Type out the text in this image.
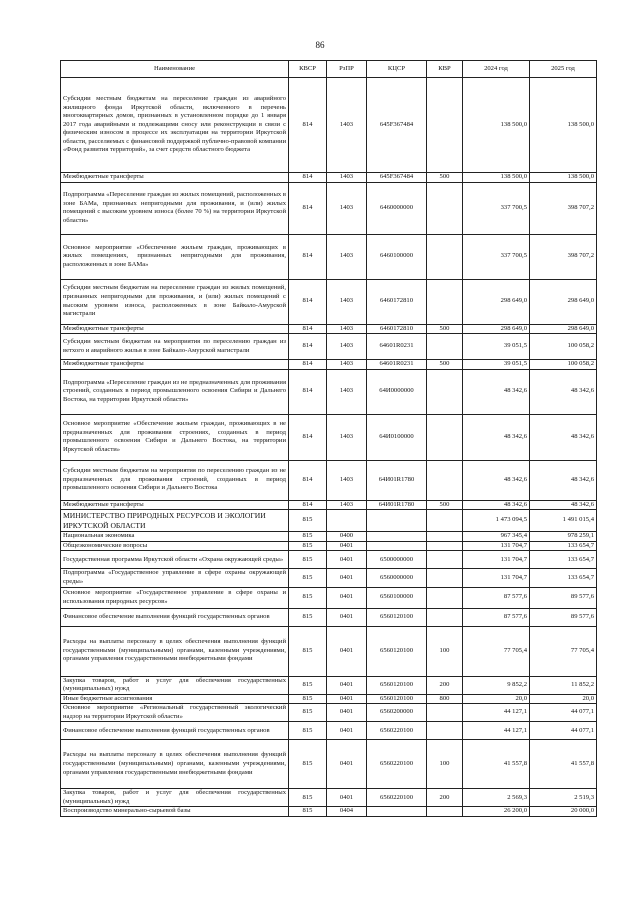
86
Наименование	КВСР	РзПР	КЦСР	КВР	2024 год	2025 год
Субсидии местным бюджетам на переселение граждан из аварийного жилищного фонда Иркутской области, включенного в перечень многоквартирных домов, признанных в установленном порядке до 1 января 2017 года аварийными и подлежащими сносу или реконструкции в связи с физическим износом в процессе их эксплуатации на территории Иркутской области, расселяемых с финансовой поддержкой публично-правовой компании «Фонд развития территорий», за счет средств областного бюджета	814	1403	645F367484		138 500,0	138 500,0
Межбюджетные трансферты	814	1403	645F367484	500	138 500,0	138 500,0
Подпрограмма «Переселение граждан из жилых помещений, расположенных в зоне БАМа, признанных непригодными для проживания, и (или) жилых помещений с высоким уровнем износа (более 70 %) на территории Иркутской области»	814	1403	6460000000		337 700,5	398 707,2
Основное мероприятие «Обеспечение жильем граждан, проживающих в жилых помещениях, признанных непригодными для проживания, расположенных в зоне БАМа»	814	1403	6460100000		337 700,5	398 707,2
Субсидии местным бюджетам на переселение граждан из жилых помещений, признанных непригодными для проживания, и (или) жилых помещений с высоким уровнем износа, расположенных в зоне Байкало-Амурской магистрали	814	1403	6460172810		298 649,0	298 649,0
Межбюджетные трансферты	814	1403	6460172810	500	298 649,0	298 649,0
Субсидии местным бюджетам на мероприятия по переселению граждан из ветхого и аварийного жилья в зоне Байкало-Амурской магистрали	814	1403	64601R0231		39 051,5	100 058,2
Межбюджетные трансферты	814	1403	64601R0231	500	39 051,5	100 058,2
Подпрограмма «Переселение граждан из не предназначенных для проживания строений, созданных в период промышленного освоения Сибири и Дальнего Востока, на территории Иркутской области»	814	1403	64И0000000		48 342,6	48 342,6
Основное мероприятие «Обеспечение жильем граждан, проживающих в не предназначенных для проживания строениях, созданных в период промышленного освоения Сибири и Дальнего Востока, на территории Иркутской области»	814	1403	64И0100000		48 342,6	48 342,6
Субсидии местным бюджетам на мероприятия по переселению граждан из не предназначенных для проживания строений, созданных в период промышленного освоения Сибири и Дальнего Востока	814	1403	64И01R1780		48 342,6	48 342,6
Межбюджетные трансферты	814	1403	64И01R1780	500	48 342,6	48 342,6
МИНИСТЕРСТВО ПРИРОДНЫХ РЕСУРСОВ И ЭКОЛОГИИ ИРКУТСКОЙ ОБЛАСТИ	815				1 473 094,5	1 491 015,4
Национальная экономика	815	0400			967 345,4	978 259,1
Общеэкономические вопросы	815	0401			131 704,7	133 654,7
Государственная программа Иркутской области «Охрана окружающей среды»	815	0401	6500000000		131 704,7	133 654,7
Подпрограмма «Государственное управление в сфере охраны окружающей среды»	815	0401	6560000000		131 704,7	133 654,7
Основное мероприятие «Государственное управление в сфере охраны и использования природных ресурсов»	815	0401	6560100000		87 577,6	89 577,6
Финансовое обеспечение выполнения функций государственных органов	815	0401	6560120100		87 577,6	89 577,6
Расходы на выплаты персоналу в целях обеспечения выполнения функций государственными (муниципальными) органами, казенными учреждениями, органами управления государственными внебюджетными фондами	815	0401	6560120100	100	77 705,4	77 705,4
Закупка товаров, работ и услуг для обеспечения государственных (муниципальных) нужд	815	0401	6560120100	200	9 852,2	11 852,2
Иные бюджетные ассигнования	815	0401	6560120100	800	20,0	20,0
Основное мероприятие «Региональный государственный экологический надзор на территории Иркутской области»	815	0401	6560200000		44 127,1	44 077,1
Финансовое обеспечение выполнения функций государственных органов	815	0401	6560220100		44 127,1	44 077,1
Расходы на выплаты персоналу в целях обеспечения выполнения функций государственными (муниципальными) органами, казенными учреждениями, органами управления государственными внебюджетными фондами	815	0401	6560220100	100	41 557,8	41 557,8
Закупка товаров, работ и услуг для обеспечения государственных (муниципальных) нужд	815	0401	6560220100	200	2 569,3	2 519,3
Воспроизводство минерально-сырьевой базы	815	0404			26 200,0	20 000,0
